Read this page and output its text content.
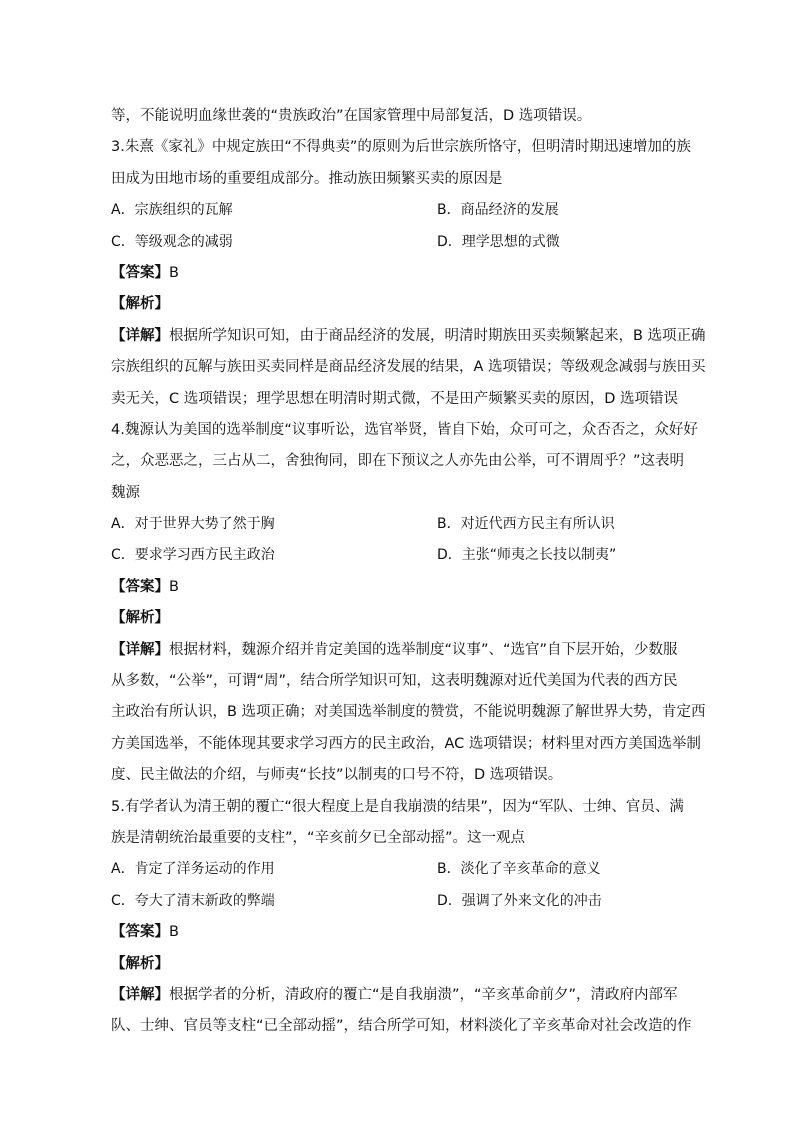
等，不能说明血缘世袭的“贵族政治”在国家管理中局部复活，D 选项错误。
3.朱熹《家礼》中规定族田“不得典卖”的原则为后世宗族所恪守，但明清时期迅速增加的族
田成为田地市场的重要组成部分。推动族田频繁买卖的原因是
A．宗族组织的瓦解	B．商品经济的发展
C．等级观念的减弱	D．理学思想的式微
【答案】B
【解析】
【详解】根据所学知识可知，由于商品经济的发展，明清时期族田买卖频繁起来，B 选项正确
宗族组织的瓦解与族田买卖同样是商品经济发展的结果，A 选项错误；等级观念减弱与族田买
卖无关，C 选项错误；理学思想在明清时期式微，不是田产频繁买卖的原因，D 选项错误
4.魏源认为美国的选举制度“议事听讼，选官举贤，皆自下始，众可可之，众否否之，众好好
之，众恶恶之，三占从二，舍独徇同，即在下预议之人亦先由公举，可不谓周乎？”这表明
魏源
A．对于世界大势了然于胸	B．对近代西方民主有所认识
C．要求学习西方民主政治	D．主张“师夷之长技以制夷”
【答案】B
【解析】
【详解】根据材料，魏源介绍并肯定美国的选举制度“议事”、“选官”自下层开始，少数服
从多数，“公举”，可谓“周”，结合所学知识可知，这表明魏源对近代美国为代表的西方民
主政治有所认识，B 选项正确；对美国选举制度的赞赏，不能说明魏源了解世界大势，肯定西
方美国选举，不能体现其要求学习西方的民主政治，AC 选项错误；材料里对西方美国选举制
度、民主做法的介绍，与师夷“长技”以制夷的口号不符，D 选项错误。
5.有学者认为清王朝的覆亡“很大程度上是自我崩溃的结果”，因为“军队、士绅、官员、满
族是清朝统治最重要的支柱”，“辛亥前夕已全部动摇”。这一观点
A．肯定了洋务运动的作用	B．淡化了辛亥革命的意义
C．夸大了清末新政的弊端	D．强调了外来文化的冲击
【答案】B
【解析】
【详解】根据学者的分析，清政府的覆亡“是自我崩溃”，“辛亥革命前夕”，清政府内部军
队、士绅、官员等支柱“已全部动摇”，结合所学可知，材料淡化了辛亥革命对社会改造的作
